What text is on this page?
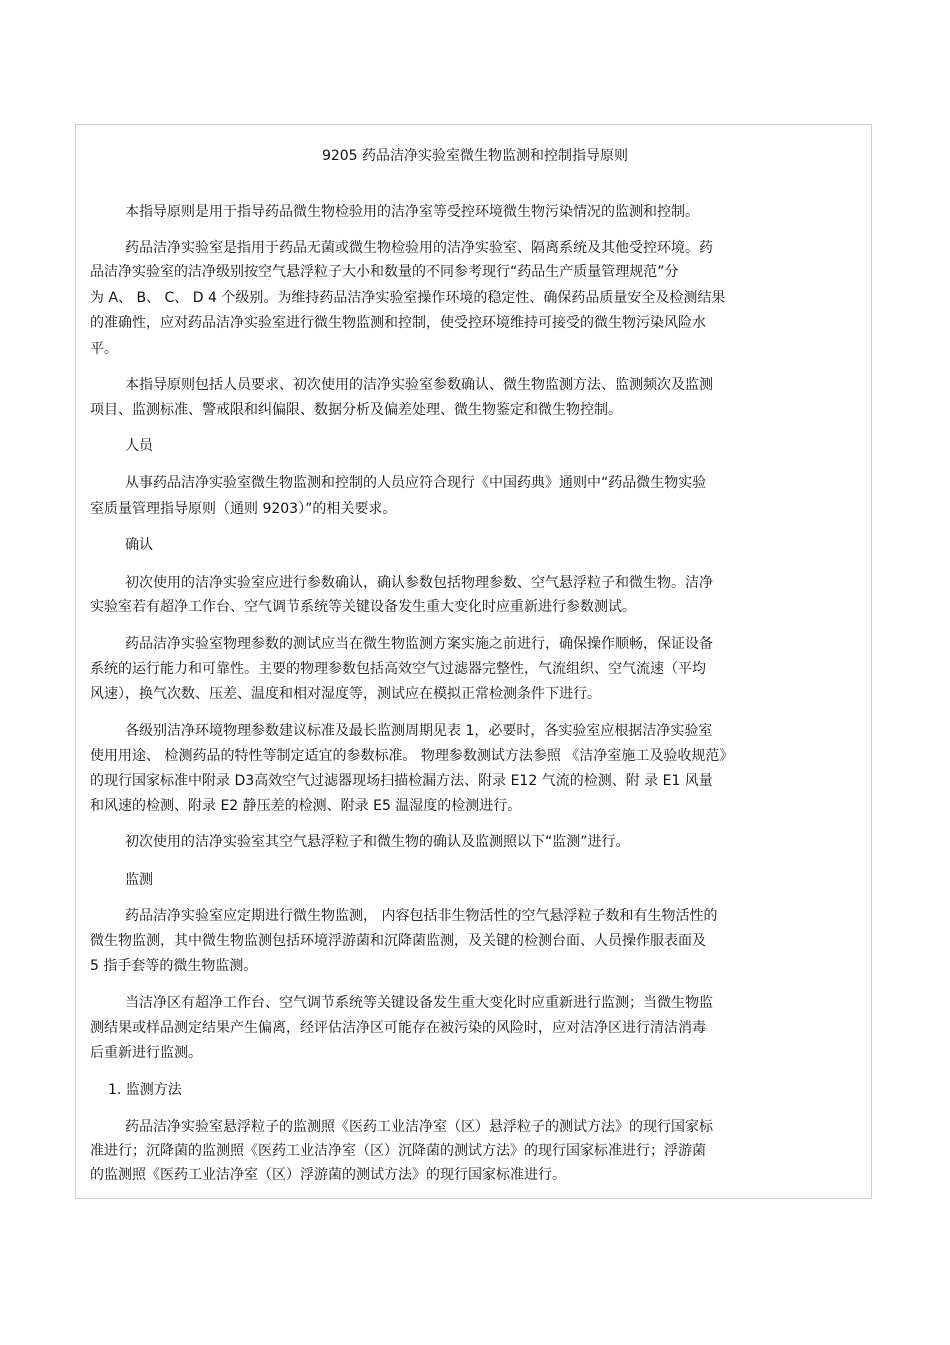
9205 药品洁净实验室微生物监测和控制指导原则
本指导原则是用于指导药品微生物检验用的洁净室等受控环境微生物污染情况的监测和控制。
药品洁净实验室是指用于药品无菌或微生物检验用的洁净实验室、隔离系统及其他受控环境。药
品洁净实验室的洁净级别按空气悬浮粒子大小和数量的不同参考现行“药品生产质量管理规范”分
为 A、 B、 C、 D 4 个级别。为维持药品洁净实验室操作环境的稳定性、确保药品质量安全及检测结果
的准确性，应对药品洁净实验室进行微生物监测和控制，使受控环境维持可接受的微生物污染风险水
平。
本指导原则包括人员要求、初次使用的洁净实验室参数确认、微生物监测方法、监测频次及监测
项目、监测标准、警戒限和纠偏限、数据分析及偏差处理、微生物鉴定和微生物控制。
人员
从事药品洁净实验室微生物监测和控制的人员应符合现行《中国药典》通则中“药品微生物实验
室质量管理指导原则（通则 9203）”的相关要求。
确认
初次使用的洁净实验室应进行参数确认，确认参数包括物理参数、空气悬浮粒子和微生物。洁净
实验室若有超净工作台、空气调节系统等关键设备发生重大变化时应重新进行参数测试。
药品洁净实验室物理参数的测试应当在微生物监测方案实施之前进行，确保操作顺畅，保证设备
系统的运行能力和可靠性。主要的物理参数包括高效空气过滤器完整性，气流组织、空气流速（平均
风速），换气次数、压差、温度和相对湿度等，测试应在模拟正常检测条件下进行。
各级别洁净环境物理参数建议标准及最长监测周期见表 1，必要时，各实验室应根据洁净实验室
使用用途、 检测药品的特性等制定适宜的参数标准。 物理参数测试方法参照 《洁净室施工及验收规范》
的现行国家标准中附录 D3高效空气过滤器现场扫描检漏方法、附录 E12 气流的检测、附 录 E1 风量
和风速的检测、附录 E2 静压差的检测、附录 E5 温湿度的检测进行。
初次使用的洁净实验室其空气悬浮粒子和微生物的确认及监测照以下“监测”进行。
监测
药品洁净实验室应定期进行微生物监测， 内容包括非生物活性的空气悬浮粒子数和有生物活性的
微生物监测，其中微生物监测包括环境浮游菌和沉降菌监测，及关键的检测台面、人员操作服表面及
5 指手套等的微生物监测。
当洁净区有超净工作台、空气调节系统等关键设备发生重大变化时应重新进行监测；当微生物监
测结果或样品测定结果产生偏离，经评估洁净区可能存在被污染的风险时，应对洁净区进行清洁消毒
后重新进行监测。
1. 监测方法
药品洁净实验室悬浮粒子的监测照《医药工业洁净室（区）悬浮粒子的测试方法》的现行国家标
准进行；沉降菌的监测照《医药工业洁净室（区）沉降菌的测试方法》的现行国家标准进行；浮游菌
的监测照《医药工业洁净室（区）浮游菌的测试方法》的现行国家标准进行。
